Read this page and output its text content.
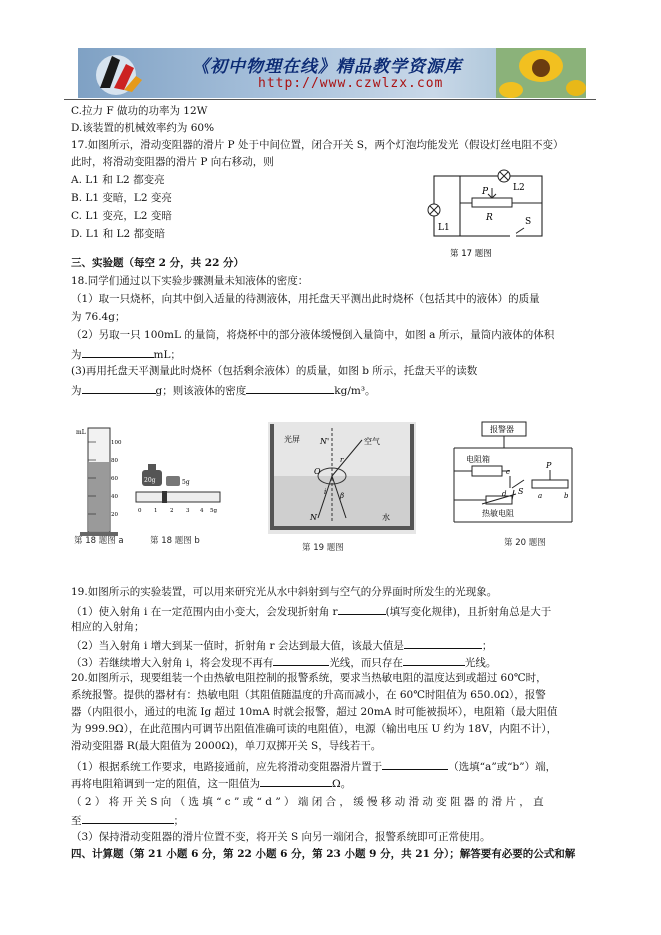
《初中物理在线》精品教学资源库
http://www.czwlzx.com
C.拉力 F 做功的功率为 12W
D.该装置的机械效率约为 60%
17.如图所示，滑动变阻器的滑片 P 处于中间位置，闭合开关 S，两个灯泡均能发光（假设灯丝电阻不变）
此时，将滑动变阻器的滑片 P 向右移动，则
A. L1 和 L2 都变亮
B. L1 变暗，L2 变亮
C. L1 变亮，L2 变暗
D. L1 和 L2 都变暗
L2
P
R	S
L1
第 17 题图
三、实验题（每空 2 分，共 22 分）
18.同学们通过以下实验步骤测量未知液体的密度：
（1）取一只烧杯，向其中倒入适量的待测液体，用托盘天平测出此时烧杯（包括其中的液体）的质量
为 76.4g；
（2）另取一只 100mL 的量筒，将烧杯中的部分液体缓慢倒入量筒中，如图 a 所示，量筒内液体的体积
为	mL；
(3)再用托盘天平测量此时烧杯（包括剩余液体）的质量，如图 b 所示，托盘天平的读数
为	g；则该液体的密度	kg/m³。
mL
100
80
60
40
20
第 18 题图 a
20g	5g
0 1 2 3 4 5g
第 18 题图 b
光屏	N'	空气
O
r
i β
N	水
第 19 题图
报警器
电阻箱
c
P
d S a	b
热敏电阻
第 20 题图
19.如图所示的实验装置，可以用来研究光从水中斜射到与空气的分界面时所发生的光现象。
（1）使入射角 i 在一定范围内由小变大，会发现折射角 r	(填写变化规律)，且折射角总是大于
相应的入射角；
（2）当入射角 i 增大到某一值时，折射角 r 会达到最大值，该最大值是	；
（3）若继续增大入射角 i，将会发现不再有	光线，而只存在	光线。
20.如图所示，现要组装一个由热敏电阻控制的报警系统，要求当热敏电阻的温度达到或超过 60℃时，
系统报警。提供的器材有：热敏电阻（其阻值随温度的升高而减小，在 60℃时阻值为 650.0Ω），报警
器（内阻很小，通过的电流 Ig 超过 10mA 时就会报警，超过 20mA 时可能被损坏），电阻箱（最大阻值
为 999.9Ω），在此范围内可调节出阻值准确可读的电阻值），电源（输出电压 U 约为 18V，内阻不计），
滑动变阻器 R(最大阻值为 2000Ω)，单刀双掷开关 S，导线若干。
（1）根据系统工作要求，电路接通前，应先将滑动变阻器滑片置于	（选填“a”或“b”）端，
再将电阻箱调到一定的阻值，这一阻值为	Ω。
（ 2 ） 将 开 关 S 向 （ 选 填 “ c ” 或 “ d ” ） 端 闭 合 ， 缓 慢 移 动 滑 动 变 阻 器 的 滑 片 ， 直
至	；
（3）保持滑动变阻器的滑片位置不变，将开关 S 向另一端闭合，报警系统即可正常使用。
四、计算题（第 21 小题 6 分，第 22 小题 6 分，第 23 小题 9 分，共 21 分）；解答要有必要的公式和解
